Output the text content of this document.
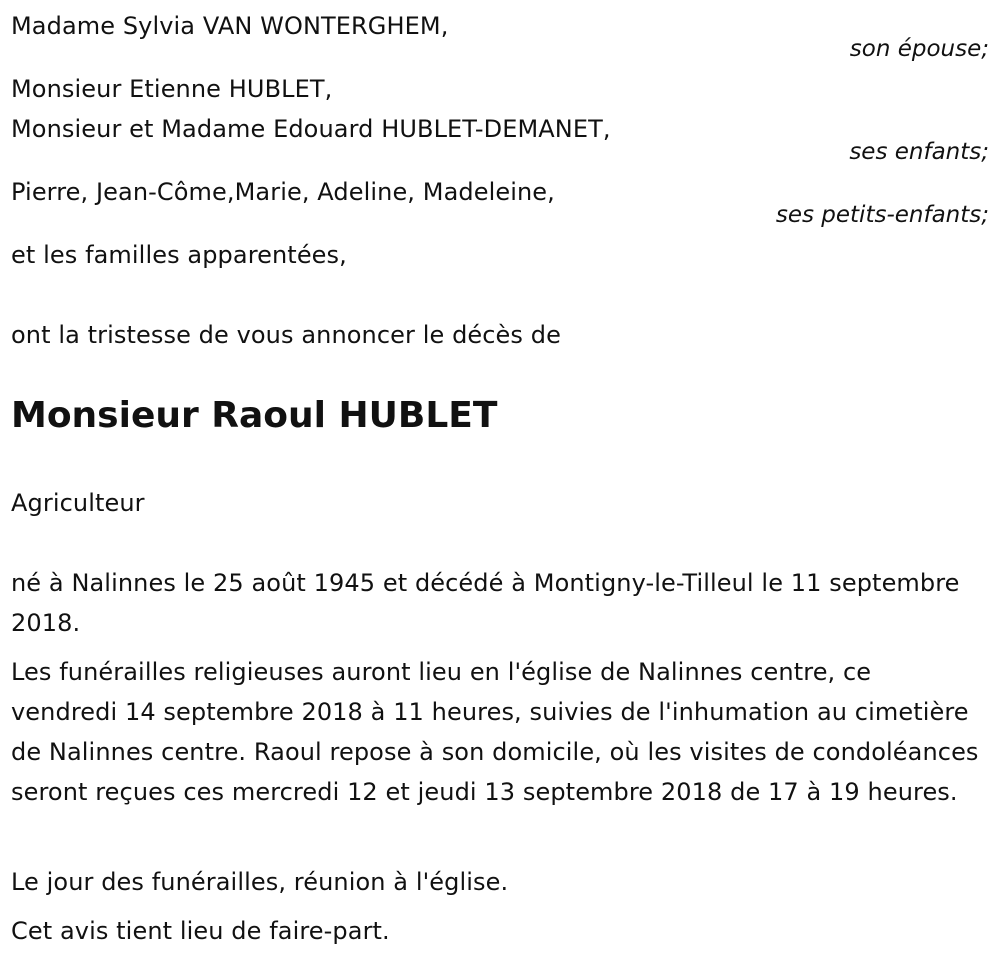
Madame Sylvia VAN WONTERGHEM,
son épouse;
Monsieur Etienne HUBLET,
Monsieur et Madame Edouard HUBLET-DEMANET,
ses enfants;
Pierre, Jean-Côme,Marie, Adeline, Madeleine,
ses petits-enfants;
et les familles apparentées,
ont la tristesse de vous annoncer le décès de
Monsieur Raoul HUBLET
Agriculteur
né à Nalinnes le 25 août 1945 et décédé à Montigny-le-Tilleul le 11 septembre 2018.
Les funérailles religieuses auront lieu en l'église de Nalinnes centre, ce vendredi 14 septembre 2018 à 11 heures, suivies de l'inhumation au cimetière de Nalinnes centre. Raoul repose à son domicile, où les visites de condoléances seront reçues ces mercredi 12 et jeudi 13 septembre 2018 de 17 à 19 heures.
Le jour des funérailles, réunion à l'église.
Cet avis tient lieu de faire-part.
